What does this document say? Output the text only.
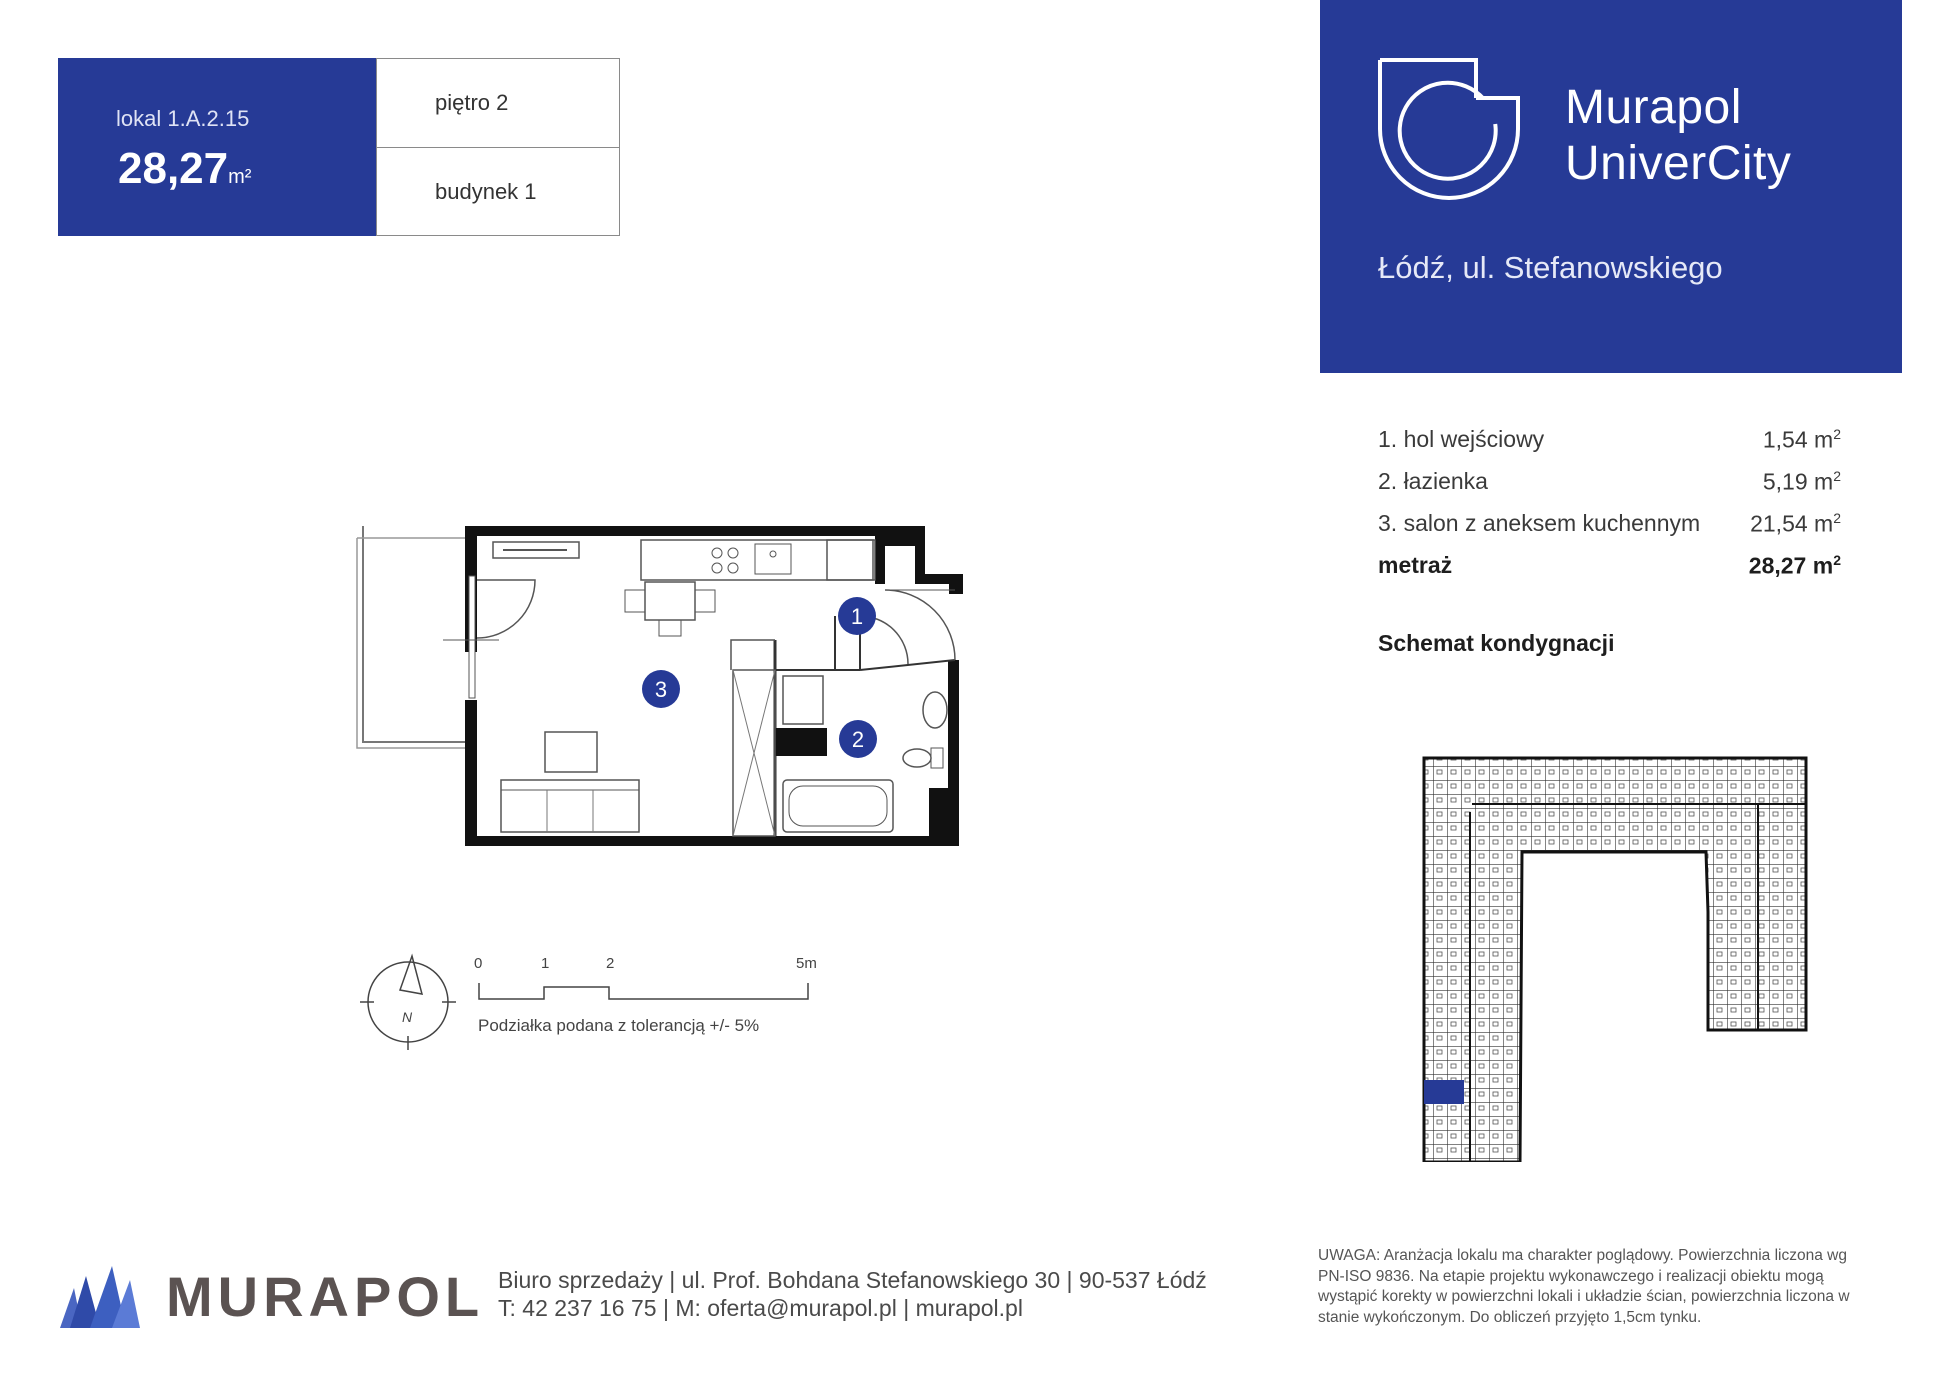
lokal 1.A.2.15
28,27m²
piętro 2
budynek 1
Murapol
UniverCity
Łódź, ul. Stefanowskiego
1. hol wejściowy	1,54 $m^2$
2. łazienka	5,19 $m^2$
3. salon z aneksem kuchennym 21,54 $m^2$
metraż	28,27 $m^2$
Schemat kondygnacji
3
1
2
N
0	1	2	5m
Podziałka podana z tolerancją +/- 5%
MURAPOL Biuro sprzedaży | ul. Prof. Bohdana Stefanowskiego 30 | 90-537 Łódź
T: 42 237 16 75 | M: oferta@murapol.pl | murapol.pl
UWAGA: Aranżacja lokalu ma charakter poglądowy. Powierzchnia liczona wg PN-ISO 9836. Na etapie projektu wykonawczego i realizacji obiektu mogą wystąpić korekty w powierzchni lokali i układzie ścian, powierzchnia liczona w stanie wykończonym. Do obliczeń przyjęto 1,5cm tynku.
